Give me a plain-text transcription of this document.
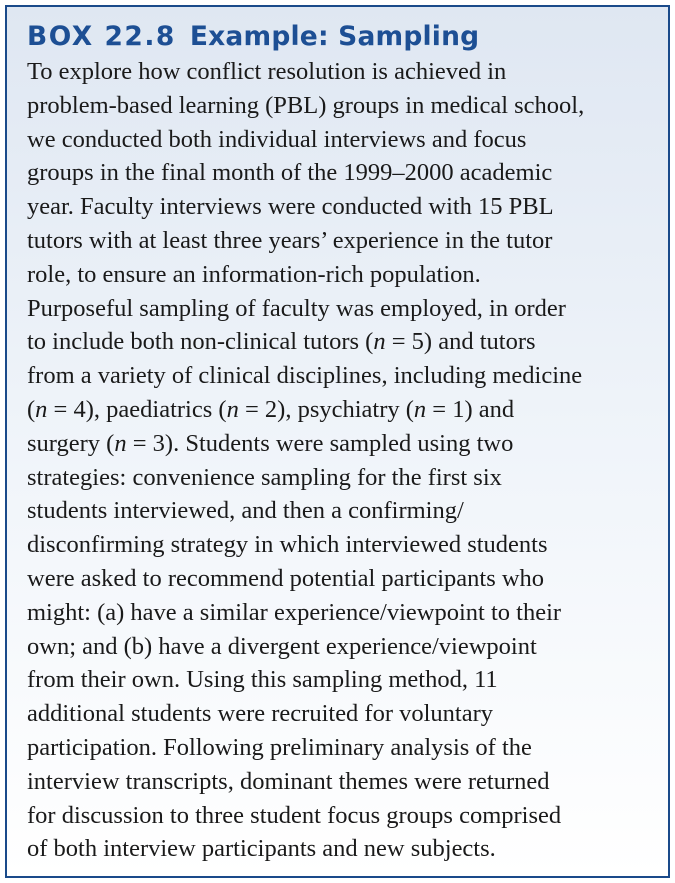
BOX 22.8 Example: Sampling
To explore how conflict resolution is achieved in
problem-based learning (PBL) groups in medical school,
we conducted both individual interviews and focus
groups in the final month of the 1999–2000 academic
year. Faculty interviews were conducted with 15 PBL
tutors with at least three years’ experience in the tutor
role, to ensure an information-rich population.
Purposeful sampling of faculty was employed, in order
to include both non-clinical tutors (n = 5) and tutors
from a variety of clinical disciplines, including medicine
(n = 4), paediatrics (n = 2), psychiatry (n = 1) and
surgery (n = 3). Students were sampled using two
strategies: convenience sampling for the first six
students interviewed, and then a confirming/
disconfirming strategy in which interviewed students
were asked to recommend potential participants who
might: (a) have a similar experience/viewpoint to their
own; and (b) have a divergent experience/viewpoint
from their own. Using this sampling method, 11
additional students were recruited for voluntary
participation. Following preliminary analysis of the
interview transcripts, dominant themes were returned
for discussion to three student focus groups comprised
of both interview participants and new subjects.
